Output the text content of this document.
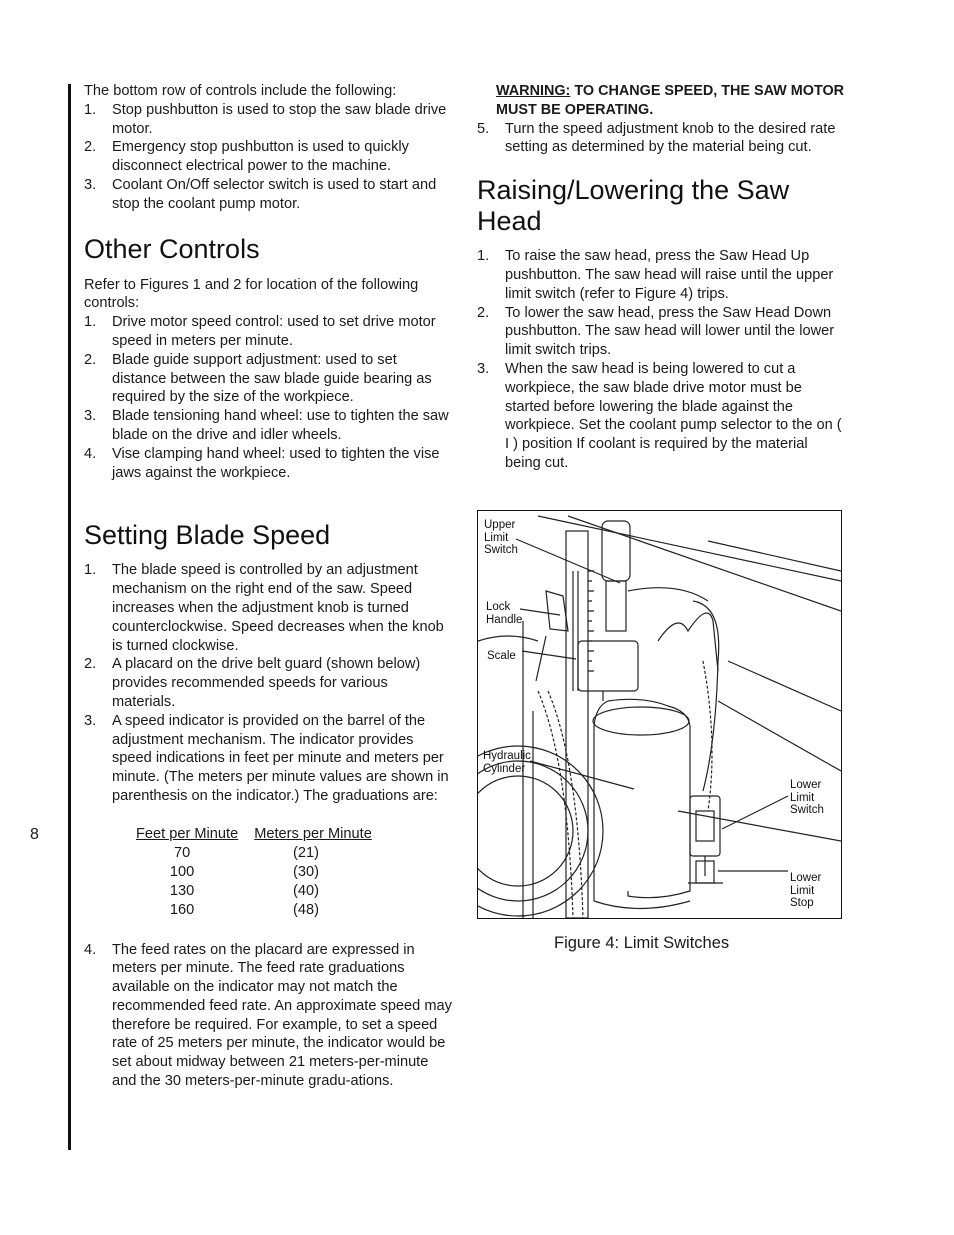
8

The bottom row of controls include the following:

1.	Stop pushbutton is used to stop the saw blade drive motor.
2.	Emergency stop pushbutton is used to quickly disconnect electrical power to the machine.
3.	Coolant On/Off selector switch is used to start and stop the coolant pump motor.
Other Controls

Refer to Figures 1 and 2 for location of the following controls:

1.	Drive motor speed control: used to set drive motor speed in meters per minute.
2.	Blade guide support adjustment: used to set distance between the saw blade guide bearing as required by the size of the workpiece.
3.	Blade tensioning hand wheel: use to tighten the saw blade on the drive and idler wheels.
4.	Vise clamping hand wheel: used to tighten the vise jaws against the workpiece.
Setting Blade Speed
1.	The blade speed is controlled by an adjustment mechanism on the right end of the saw. Speed increases when the adjustment knob is turned counterclockwise. Speed decreases when the knob is turned clockwise.
2.	A placard on the drive belt guard (shown below) provides recommended speeds for various materials.
3.	A speed indicator is provided on the barrel of the adjustment mechanism. The indicator provides speed indications in feet per minute and meters per minute. (The meters per minute values are shown in parenthesis on the indicator.) The graduations are:
Feet per Minute	Meters per Minute
70	(21)
100	(30)
130	(40)
160	(48)
4.	The feed rates on the placard are expressed in meters per minute. The feed rate graduations available on the indicator may not match the recommended feed rate. An approximate speed may therefore be required. For example, to set a speed rate of 25 meters per minute, the indicator would be set about midway between 21 meters-per-minute and the 30 meters-per-minute gradu-ations.

WARNING: TO CHANGE SPEED, THE SAW MOTOR MUST BE OPERATING.

5.	Turn the speed adjustment knob to the desired rate setting as determined by the material being cut.
Raising/Lowering the Saw Head
1.	To raise the saw head, press the Saw Head Up pushbutton. The saw head will raise until the upper limit switch (refer to Figure 4) trips.
2.	To lower the saw head, press the Saw Head Down pushbutton. The saw head will lower until the lower limit switch trips.
3.	When the saw head is being lowered to cut a workpiece, the saw blade drive motor must be started before lowering the blade against the workpiece. Set the coolant pump selector to the on ( I ) position If coolant is required by the material being cut.
Upper
Limit
Switch
Lock
Handle
Scale
Hydraulic
Cylinder
Lower
Limit
Switch
Lower
Limit
Stop
Figure 4: Limit Switches
